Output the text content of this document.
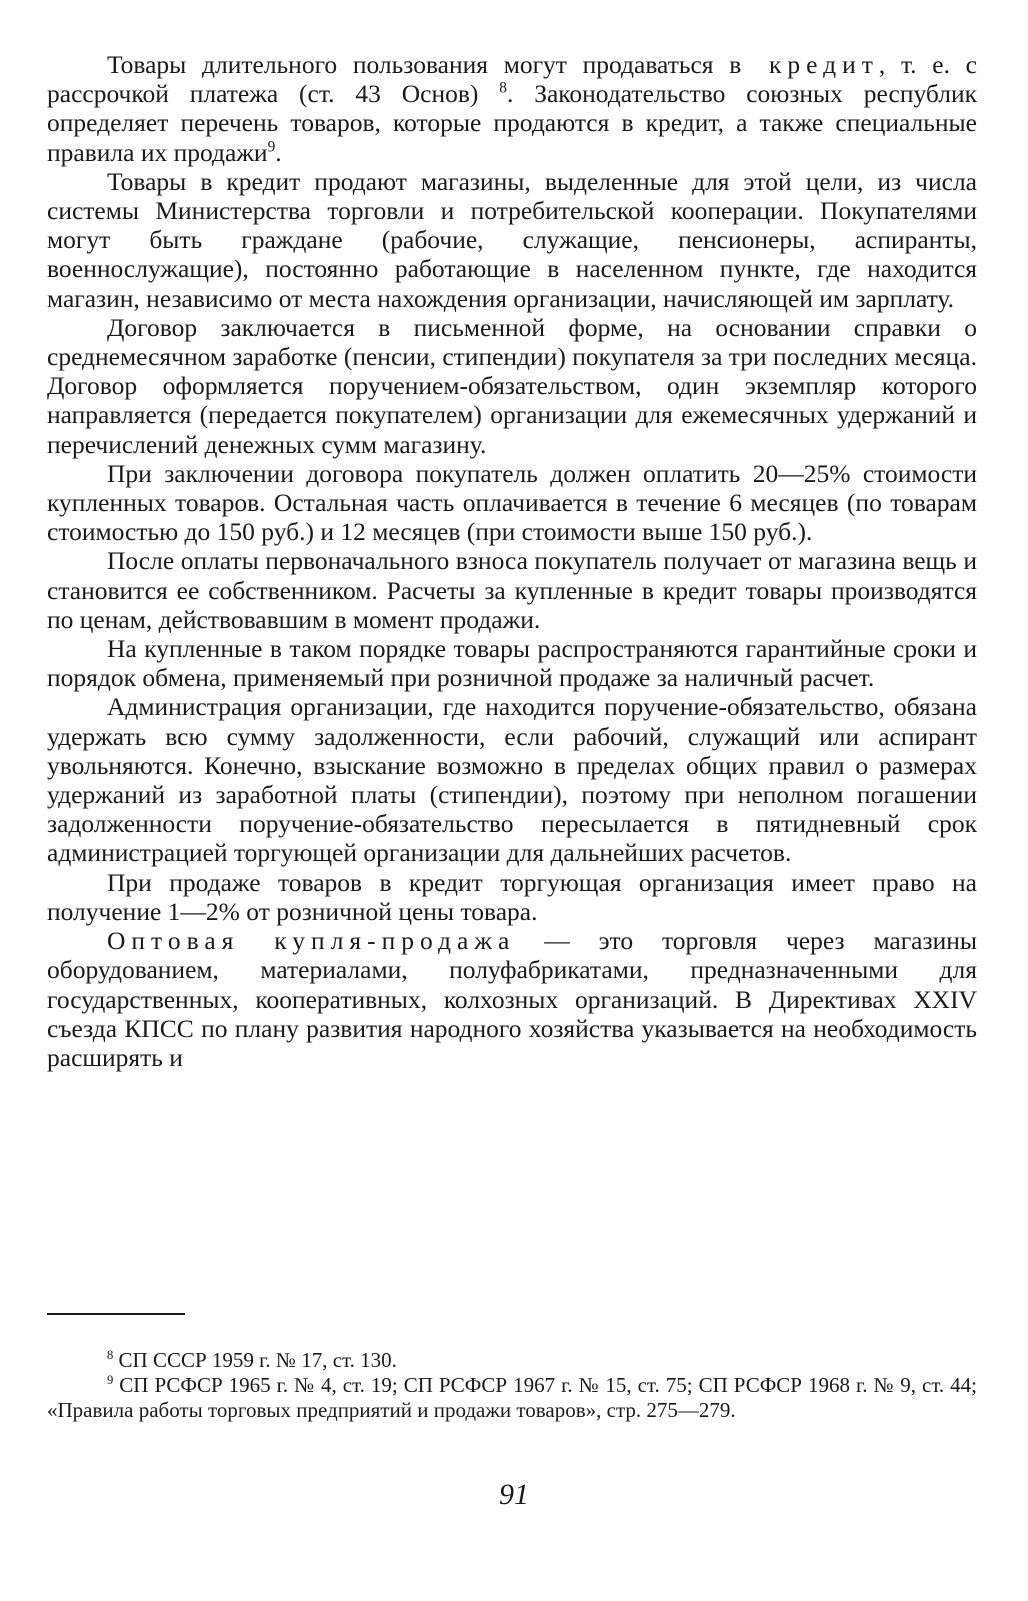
Товары длительного пользования могут продаваться в кредит, т. е. с рассрочкой платежа (ст. 43 Основ) $^8$. Законодательство союзных республик определяет перечень товаров, которые продаются в кредит, а также специальные правила их продажи$^9$.

Товары в кредит продают магазины, выделенные для этой цели, из числа системы Министерства торговли и потребительской кооперации. Покупателями могут быть граждане (рабочие, служащие, пенсионеры, аспиранты, военнослужащие), постоянно работающие в населенном пункте, где находится магазин, независимо от места нахождения организации, начисляющей им зарплату.

Договор заключается в письменной форме, на основании справки о среднемесячном заработке (пенсии, стипендии) покупателя за три последних месяца. Договор оформляется поручением-обязательством, один экземпляр которого направляется (передается покупателем) организации для ежемесячных удержаний и перечислений денежных сумм магазину.

При заключении договора покупатель должен оплатить 20—25% стоимости купленных товаров. Остальная часть оплачивается в течение 6 месяцев (по товарам стоимостью до 150 руб.) и 12 месяцев (при стоимости выше 150 руб.).

После оплаты первоначального взноса покупатель получает от магазина вещь и становится ее собственником. Расчеты за купленные в кредит товары производятся по ценам, действовавшим в момент продажи.

На купленные в таком порядке товары распространяются гарантийные сроки и порядок обмена, применяемый при розничной продаже за наличный расчет.

Администрация организации, где находится поручение-обязательство, обязана удержать всю сумму задолженности, если рабочий, служащий или аспирант увольняются. Конечно, взыскание возможно в пределах общих правил о размерах удержаний из заработной платы (стипендии), поэтому при неполном погашении задолженности поручение-обязательство пересылается в пятидневный срок администрацией торгующей организации для дальнейших расчетов.

При продаже товаров в кредит торгующая организация имеет право на получение 1—2% от розничной цены товара.

Оптовая купля-продажа — это торговля через магазины оборудованием, материалами, полуфабрикатами, предназначенными для государственных, кооперативных, колхозных организаций. В Директивах XXIV съезда КПСС по плану развития народного хозяйства указывается на необходимость расширять и

$^8$ СП СССР 1959 г. № 17, ст. 130.

$^9$ СП РСФСР 1965 г. № 4, ст. 19; СП РСФСР 1967 г. № 15, ст. 75; СП РСФСР 1968 г. № 9, ст. 44; «Правила работы торговых предприятий и продажи товаров», стр. 275—279.

91
